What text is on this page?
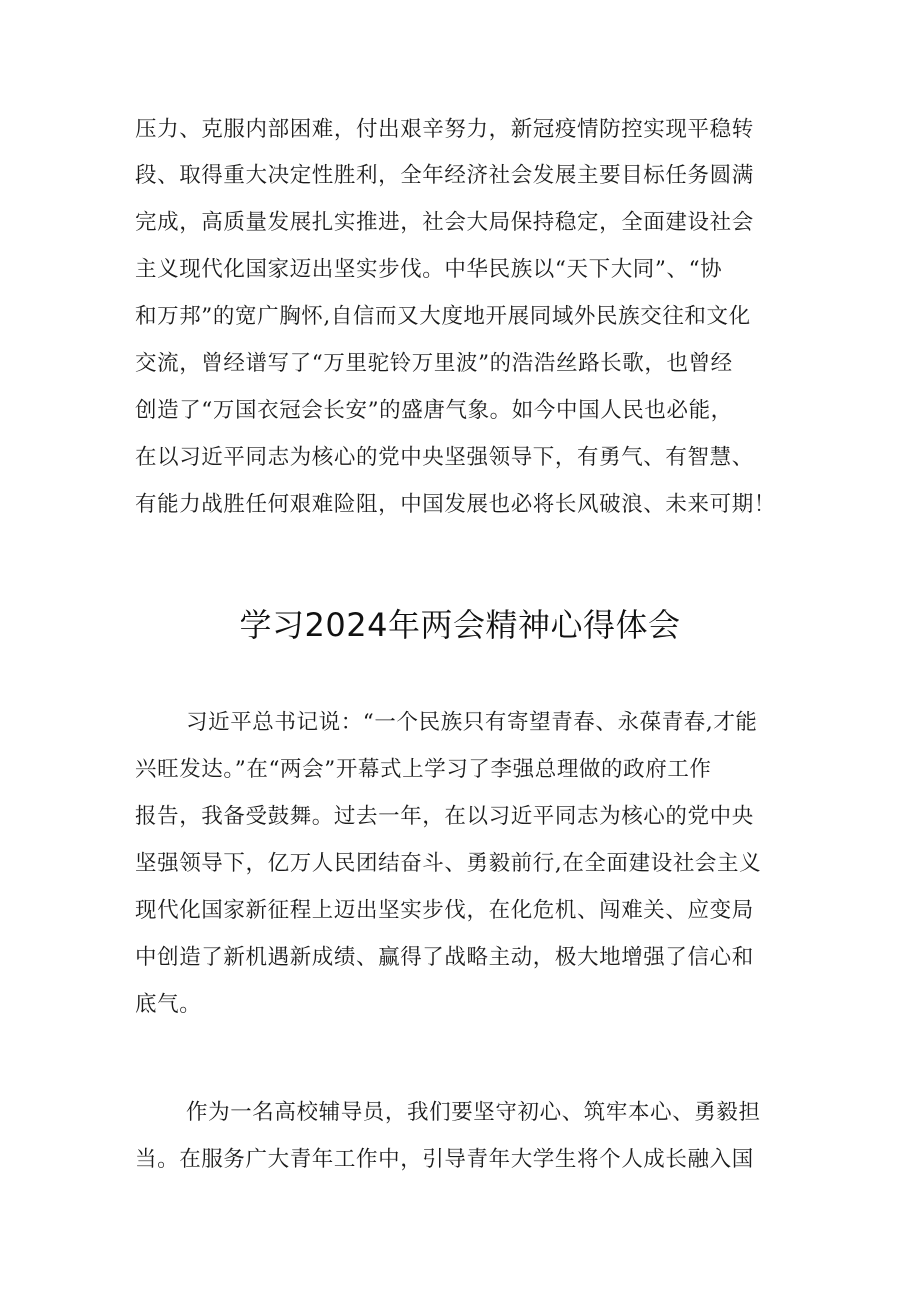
压力、克服内部困难，付出艰辛努力，新冠疫情防控实现平稳转
段、取得重大决定性胜利，全年经济社会发展主要目标任务圆满
完成，高质量发展扎实推进，社会大局保持稳定，全面建设社会
主义现代化国家迈出坚实步伐。中华民族以“天下大同”、“协
和万邦”的宽广胸怀,自信而又大度地开展同域外民族交往和文化
交流，曾经谱写了“万里驼铃万里波”的浩浩丝路长歌，也曾经
创造了“万国衣冠会长安”的盛唐气象。如今中国人民也必能，
在以习近平同志为核心的党中央坚强领导下，有勇气、有智慧、
有能力战胜任何艰难险阻，中国发展也必将长风破浪、未来可期！
学习2024年两会精神心得体会
习近平总书记说：“一个民族只有寄望青春、永葆青春,才能
兴旺发达。”在“两会”开幕式上学习了李强总理做的政府工作
报告，我备受鼓舞。过去一年，在以习近平同志为核心的党中央
坚强领导下，亿万人民团结奋斗、勇毅前行,在全面建设社会主义
现代化国家新征程上迈出坚实步伐，在化危机、闯难关、应变局
中创造了新机遇新成绩、赢得了战略主动，极大地增强了信心和
底气。
作为一名高校辅导员，我们要坚守初心、筑牢本心、勇毅担
当。在服务广大青年工作中，引导青年大学生将个人成长融入国
